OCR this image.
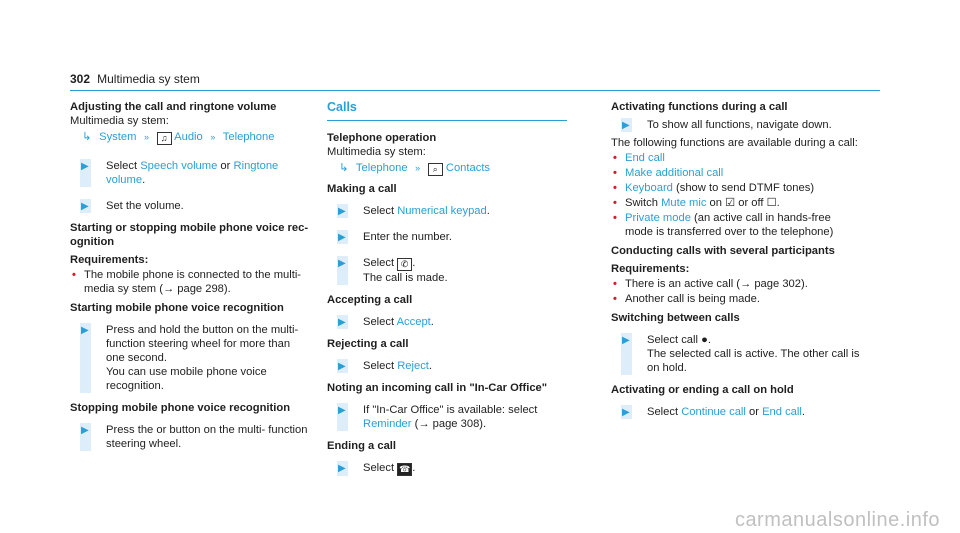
302 Multimedia sy stem

Adjusting the call and ringtone volume

Multimedia sy stem:

↳ System » ♫ Audio » Telephone
▶ Select Speech volume or Ringtone volume.
▶ Set the volume.

Starting or stopping mobile phone voice rec- ognition

Requirements:

• The mobile phone is connected to the multi- media sy stem (→ page 298).

Starting mobile phone voice recognition

▶ Press and hold the button on the multi- function steering wheel for more than one second.
You can use mobile phone voice recognition.

Stopping mobile phone voice recognition

▶ Press the or button on the multi- function steering wheel.

Calls

Telephone operation

Multimedia sy stem:

↳ Telephone » ⌕ Contacts

Making a call

▶ Select Numerical keypad.
▶ Enter the number.
▶ Select ✆ .
The call is made.

Accepting a call

▶ Select Accept.

Rejecting a call

▶ Select Reject.

Noting an incoming call in "In-Car Office"

▶ If "In-Car Office" is available: select
Reminder (→ page 308).

Ending a call

▶ Select ☎ .

Activating functions during a call

▶ To show all functions, navigate down.

The following functions are available during a call:

• End call
• Make additional call
• Keyboard (show to send DTMF tones)
• Switch Mute mic on ☑ or off ☐.
• Private mode (an active call in hands-free mode is transferred over to the telephone)

Conducting calls with several participants

Requirements:

• There is an active call (→ page 302).
• Another call is being made.

Switching between calls

▶ Select call ●.
The selected call is active. The other call is on hold.

Activating or ending a call on hold

▶ Select Continue call or End call.
carmanualsonline.info
